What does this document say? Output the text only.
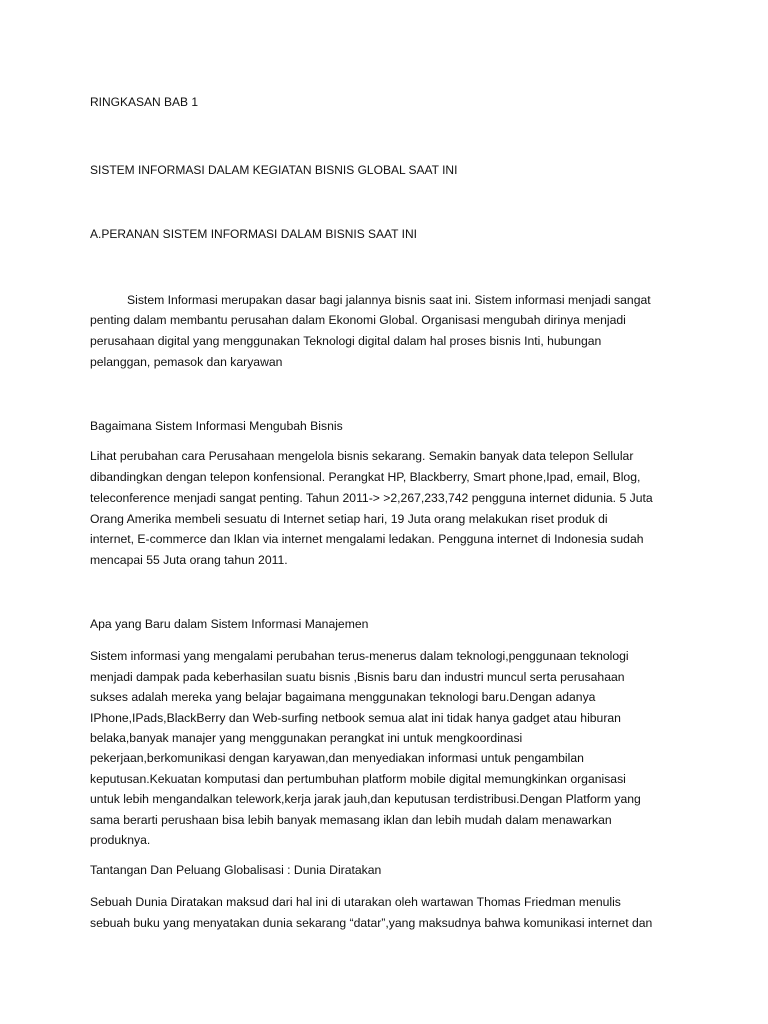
RINGKASAN BAB 1
SISTEM INFORMASI DALAM KEGIATAN BISNIS GLOBAL SAAT INI
A.PERANAN SISTEM INFORMASI DALAM BISNIS SAAT INI
Sistem Informasi merupakan dasar bagi jalannya bisnis saat ini. Sistem informasi menjadi sangat
penting dalam membantu perusahan dalam Ekonomi Global. Organisasi mengubah dirinya menjadi
perusahaan digital yang menggunakan Teknologi digital dalam hal proses bisnis Inti, hubungan
pelanggan, pemasok dan karyawan
Bagaimana Sistem Informasi Mengubah Bisnis
Lihat perubahan cara Perusahaan mengelola bisnis sekarang. Semakin banyak data telepon Sellular
dibandingkan dengan telepon konfensional. Perangkat HP, Blackberry, Smart phone,Ipad, email, Blog,
teleconference menjadi sangat penting. Tahun 2011-> >2,267,233,742 pengguna internet didunia. 5 Juta
Orang Amerika membeli sesuatu di Internet setiap hari, 19 Juta orang melakukan riset produk di
internet, E-commerce dan Iklan via internet mengalami ledakan. Pengguna internet di Indonesia sudah
mencapai 55 Juta orang tahun 2011.
Apa yang Baru dalam Sistem Informasi Manajemen
Sistem informasi yang mengalami perubahan terus-menerus dalam teknologi,penggunaan teknologi
menjadi dampak pada keberhasilan suatu bisnis ,Bisnis baru dan industri muncul serta perusahaan
sukses adalah mereka yang belajar bagaimana menggunakan teknologi baru.Dengan adanya
IPhone,IPads,BlackBerry dan Web-surfing netbook semua alat ini tidak hanya gadget atau hiburan
belaka,banyak manajer yang menggunakan perangkat ini untuk mengkoordinasi
pekerjaan,berkomunikasi dengan karyawan,dan menyediakan informasi untuk pengambilan
keputusan.Kekuatan komputasi dan pertumbuhan platform mobile digital memungkinkan organisasi
untuk lebih mengandalkan telework,kerja jarak jauh,dan keputusan terdistribusi.Dengan Platform yang
sama berarti perushaan bisa lebih banyak memasang iklan dan lebih mudah dalam menawarkan
produknya.
Tantangan Dan Peluang Globalisasi : Dunia Diratakan
Sebuah Dunia Diratakan maksud dari hal ini di utarakan oleh wartawan Thomas Friedman menulis
sebuah buku yang menyatakan dunia sekarang “datar”,yang maksudnya bahwa komunikasi internet dan
